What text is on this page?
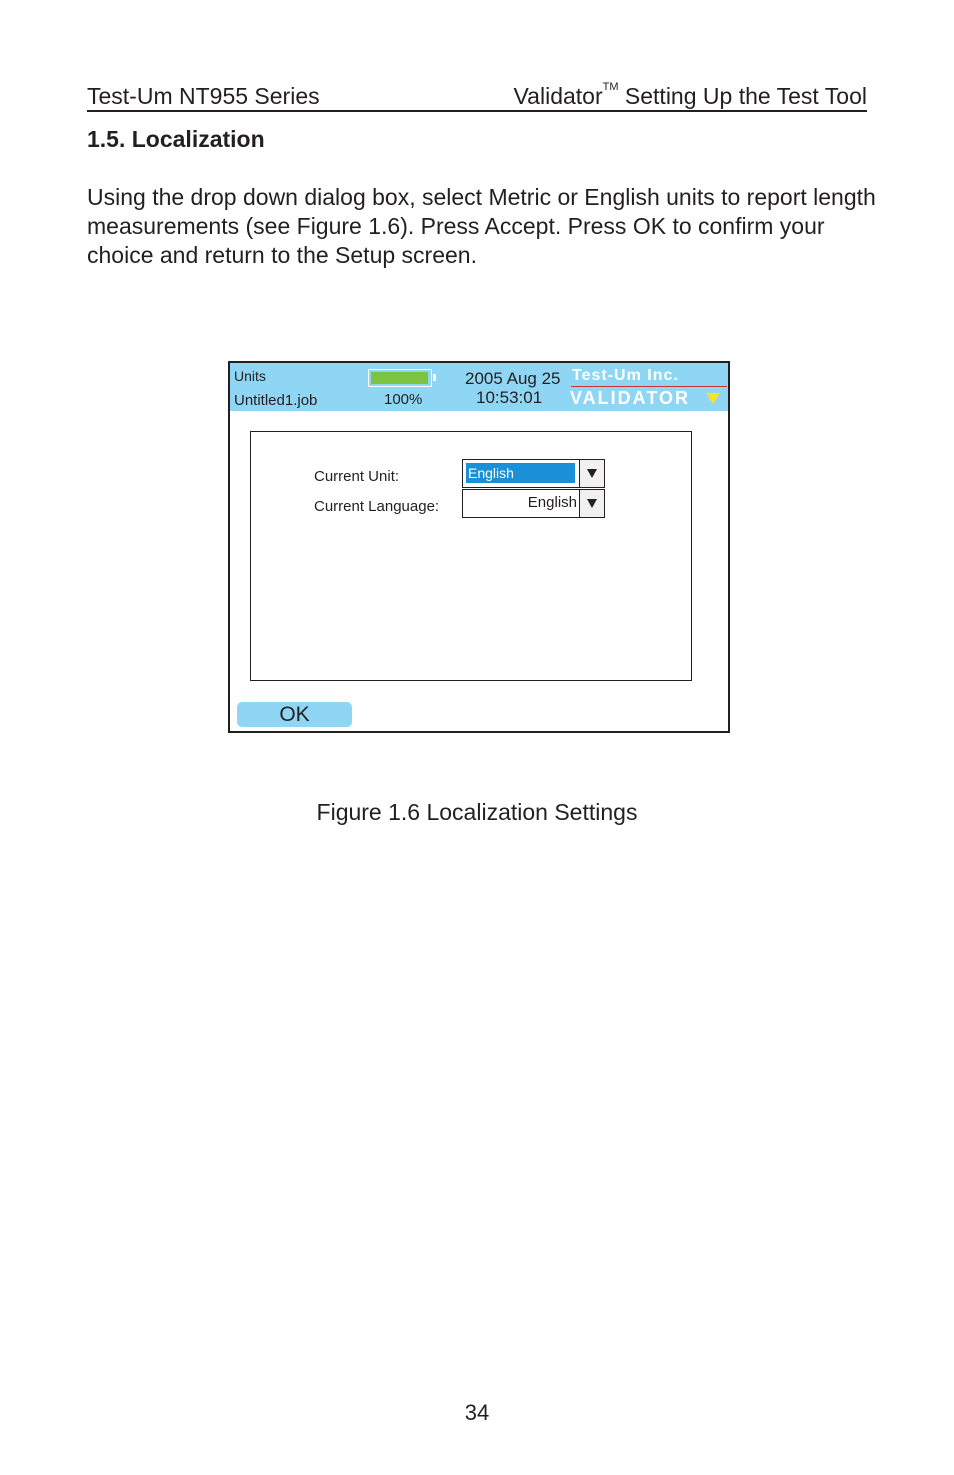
Test-Um NT955 Series	Validator™ Setting Up the Test Tool
1.5. Localization

Using the drop down dialog box, select Metric or English units to report length measurements (see Figure 1.6). Press Accept. Press OK to confirm your choice and return to the Setup screen.

Units
Untitled1.job	100%
2005 Aug 25
10:53:01
Test-Um Inc.
VALIDATOR
Current Unit:	English
Current Language:	English
OK
Figure 1.6 Localization Settings
34
